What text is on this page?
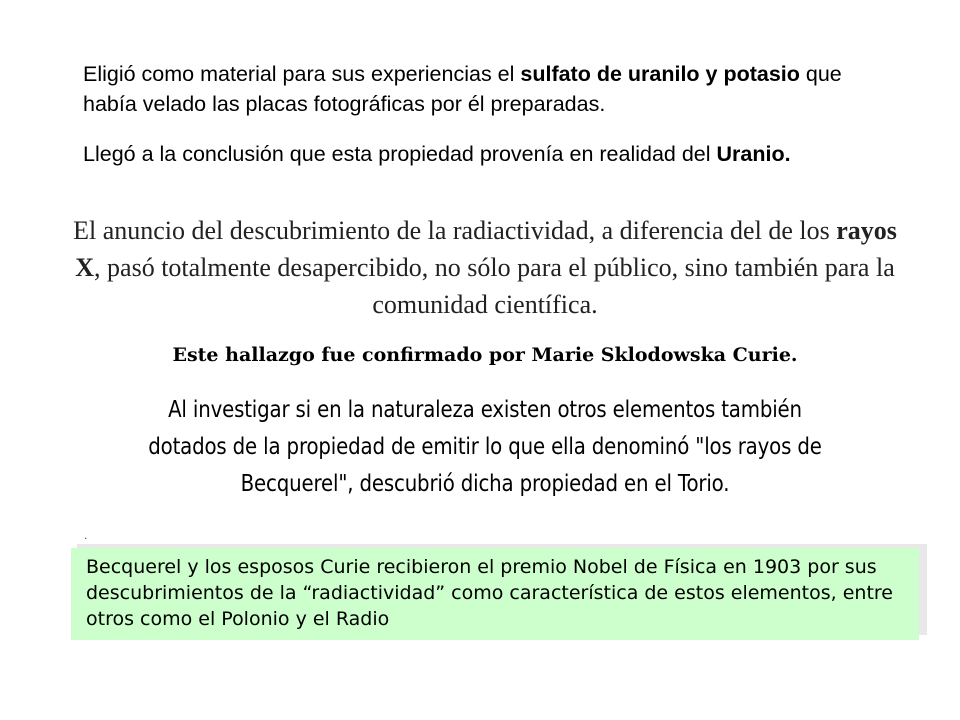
Eligió como material para sus experiencias el sulfato de uranilo y potasio que había velado las placas fotográficas por él preparadas.
Llegó a la conclusión que esta propiedad provenía en realidad del Uranio.
El anuncio del descubrimiento de la radiactividad, a diferencia del de los rayos X, pasó totalmente desapercibido, no sólo para el público, sino también para la comunidad científica.
Este hallazgo fue confirmado por Marie Sklodowska Curie.
Al investigar si en la naturaleza existen otros elementos también dotados de la propiedad de emitir lo que ella denominó "los rayos de Becquerel", descubrió dicha propiedad en el Torio.
.
Becquerel y los esposos Curie recibieron el premio Nobel de Física en 1903 por sus descubrimientos de la “radiactividad” como característica de estos elementos, entre otros como el Polonio y el Radio
